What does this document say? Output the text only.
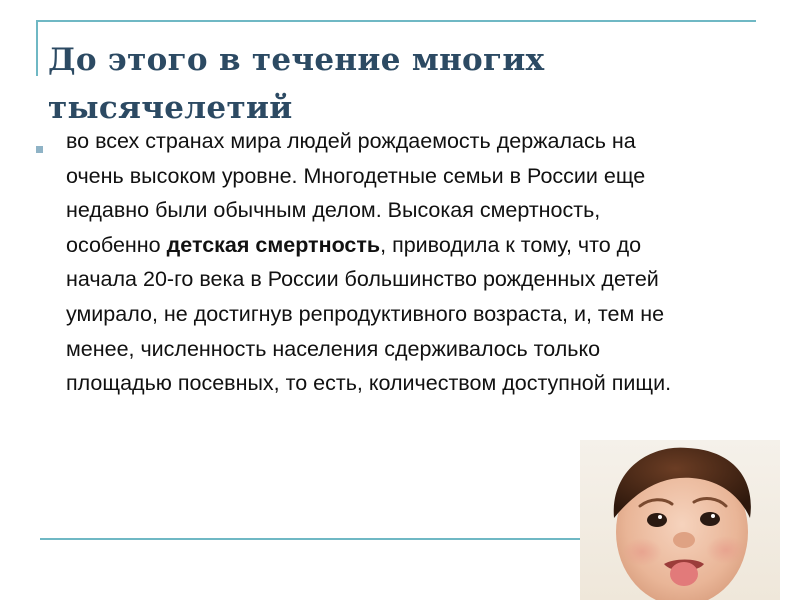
До этого в течение многих тысячелетий

во всех странах мира людей рождаемость держалась на очень высоком уровне. Многодетные семьи в России еще недавно были обычным делом. Высокая смертность, особенно детская смертность, приводила к тому, что до начала 20-го века в России большинство рожденных детей умирало, не достигнув репродуктивного возраста, и, тем не менее, численность населения сдерживалось только площадью посевных, то есть, количеством доступной пищи.
